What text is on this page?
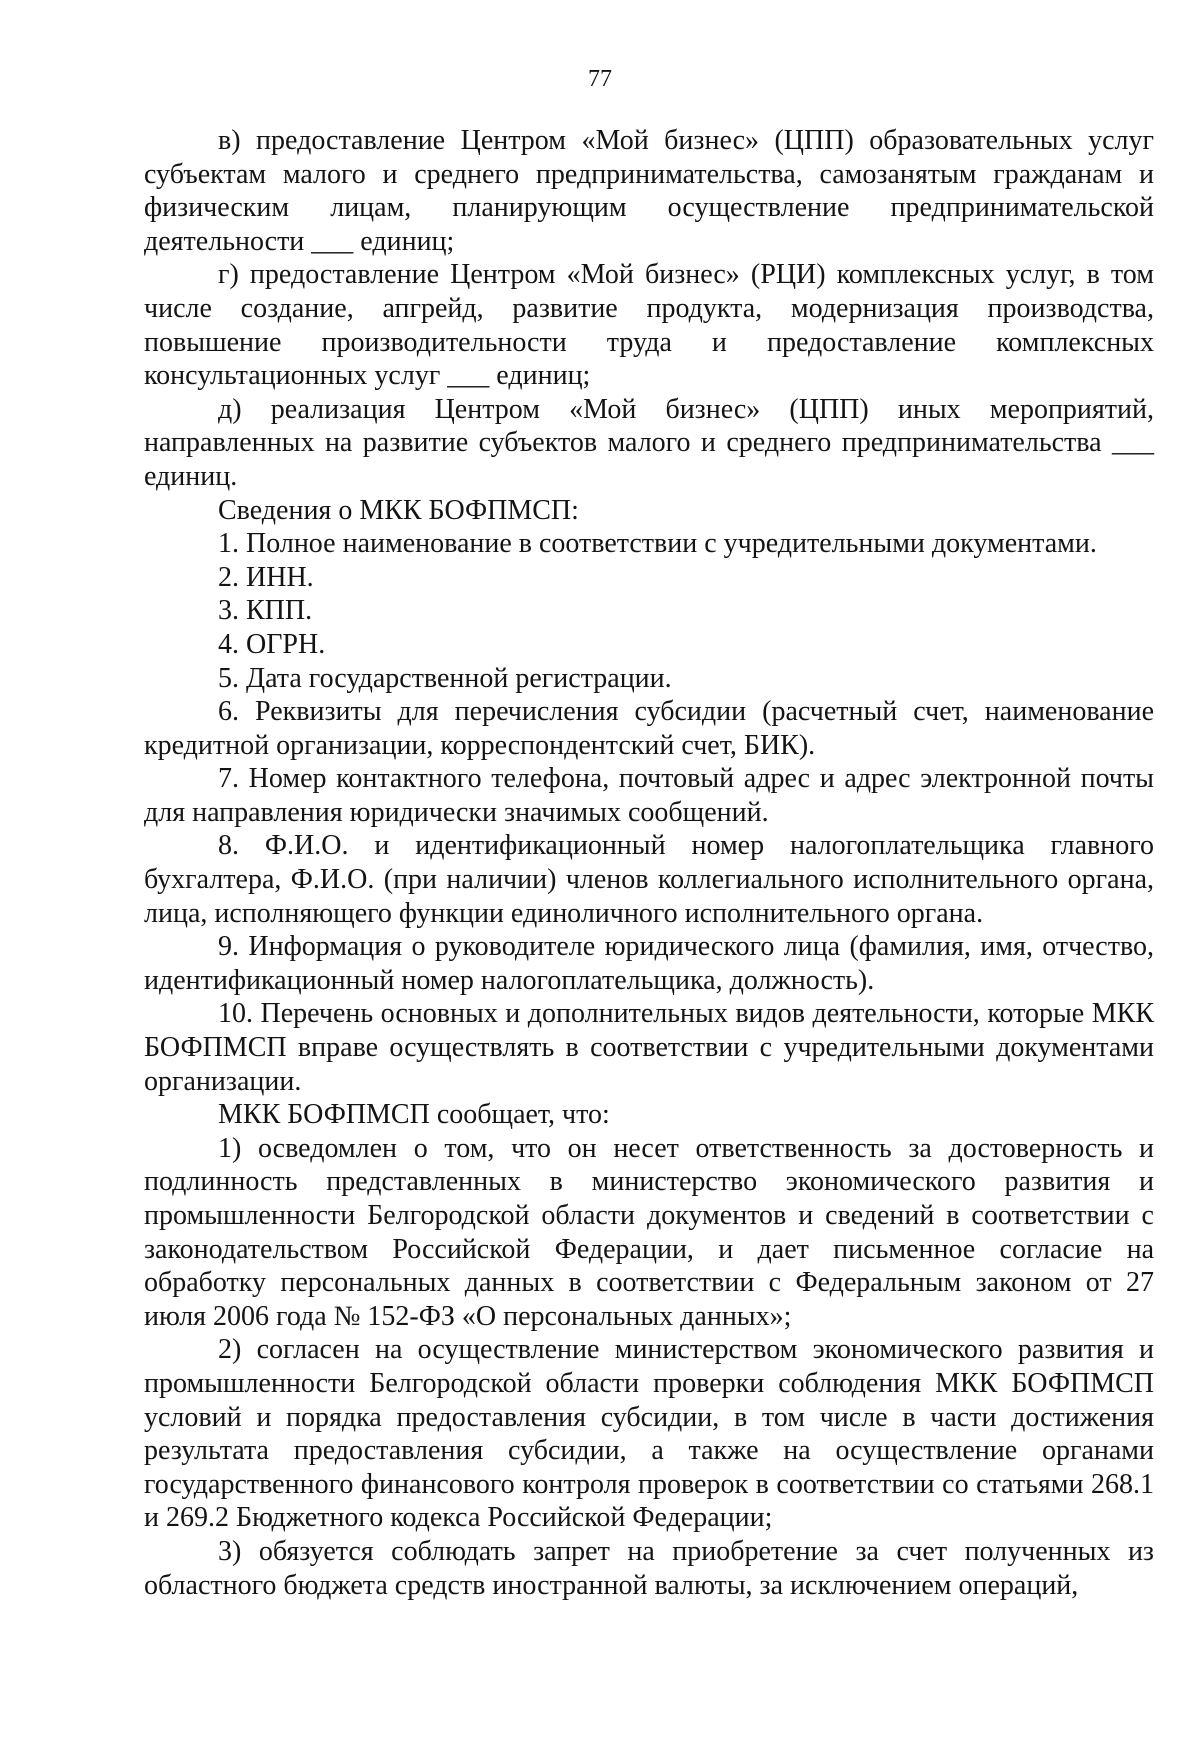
77

в) предоставление Центром «Мой бизнес» (ЦПП) образовательных услуг субъектам малого и среднего предпринимательства, самозанятым гражданам и физическим лицам, планирующим осуществление предпринимательской деятельности ___ единиц;

г) предоставление Центром «Мой бизнес» (РЦИ) комплексных услуг, в том числе создание, апгрейд, развитие продукта, модернизация производства, повышение производительности труда и предоставление комплексных консультационных услуг ___ единиц;

д) реализация Центром «Мой бизнес» (ЦПП) иных мероприятий, направленных на развитие субъектов малого и среднего предпринимательства ___ единиц.

Сведения о МКК БОФПМСП:

1. Полное наименование в соответствии с учредительными документами.

2. ИНН.

3. КПП.

4. ОГРН.

5. Дата государственной регистрации.

6. Реквизиты для перечисления субсидии (расчетный счет, наименование кредитной организации, корреспондентский счет, БИК).

7. Номер контактного телефона, почтовый адрес и адрес электронной почты для направления юридически значимых сообщений.

8. Ф.И.О. и идентификационный номер налогоплательщика главного бухгалтера, Ф.И.О. (при наличии) членов коллегиального исполнительного органа, лица, исполняющего функции единоличного исполнительного органа.

9. Информация о руководителе юридического лица (фамилия, имя, отчество, идентификационный номер налогоплательщика, должность).

10. Перечень основных и дополнительных видов деятельности, которые МКК БОФПМСП вправе осуществлять в соответствии с учредительными документами организации.

МКК БОФПМСП сообщает, что:

1) осведомлен о том, что он несет ответственность за достоверность и подлинность представленных в министерство экономического развития и промышленности Белгородской области документов и сведений в соответствии с законодательством Российской Федерации, и дает письменное согласие на обработку персональных данных в соответствии с Федеральным законом от 27 июля 2006 года № 152-ФЗ «О персональных данных»;

2) согласен на осуществление министерством экономического развития и промышленности Белгородской области проверки соблюдения МКК БОФПМСП условий и порядка предоставления субсидии, в том числе в части достижения результата предоставления субсидии, а также на осуществление органами государственного финансового контроля проверок в соответствии со статьями 268.1 и 269.2 Бюджетного кодекса Российской Федерации;

3) обязуется соблюдать запрет на приобретение за счет полученных из областного бюджета средств иностранной валюты, за исключением операций,
